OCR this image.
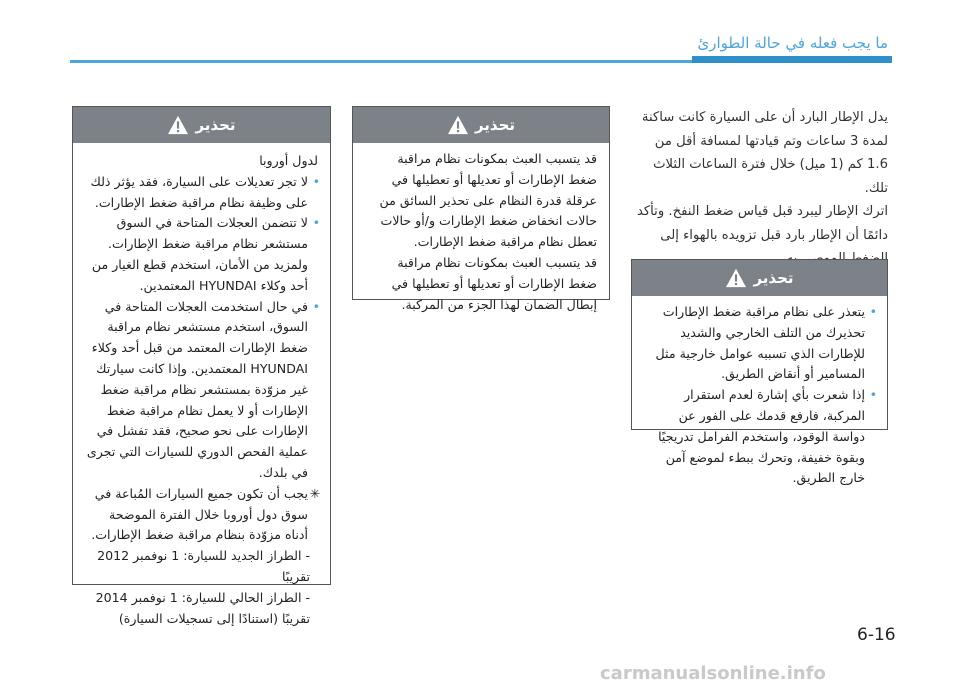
ما يجب فعله في حالة الطوارئ

يدل الإطار البارد أن على السيارة كانت ساكنة لمدة 3 ساعات وتم قيادتها لمسافة أقل من 1.6 كم (1 ميل) خلال فترة الساعات الثلاث تلك.

اترك الإطار ليبرد قبل قياس ضغط النفخ. وتأكد دائمًا أن الإطار بارد قبل تزويده بالهواء إلى

تحذير
•
يتعذر على نظام مراقبة ضغط الإطارات تحذيرك من التلف الخارجي والشديد للإطارات الذي تسببه عوامل خارجية مثل المسامير أو أنقاض الطريق.
•
إذا شعرت بأي إشارة لعدم استقرار المركبة، فارفع قدمك على الفور عن دواسة الوقود، واستخدم الفرامل تدريجيًا وبقوة خفيفة، وتحرك ببطء لموضع آمن خارج الطريق.
تحذير

قد يتسبب العبث بمكونات نظام مراقبة ضغط الإطارات أو تعديلها أو تعطيلها في عرقلة قدرة النظام على تحذير السائق من حالات انخفاض ضغط الإطارات و/أو حالات تعطل نظام مراقبة ضغط الإطارات.

قد يتسبب العبث بمكونات نظام مراقبة ضغط الإطارات أو تعديلها أو تعطيلها في إبطال الضمان لهذا الجزء من المركبة.

تحذير

لدول أوروبا

•
لا تجر تعديلات على السيارة، فقد يؤثر ذلك على وظيفة نظام مراقبة ضغط الإطارات.
•
لا تتضمن العجلات المتاحة في السوق مستشعر نظام مراقبة ضغط الإطارات. ولمزيد من الأمان، استخدم قطع الغيار من أحد وكلاء HYUNDAI المعتمدين.
•
في حال استخدمت العجلات المتاحة في السوق، استخدم مستشعر نظام مراقبة ضغط الإطارات المعتمد من قبل أحد وكلاء HYUNDAI المعتمدين. وإذا كانت سيارتك غير مزوّدة بمستشعر نظام مراقبة ضغط الإطارات أو لا يعمل نظام مراقبة ضغط الإطارات على نحو صحيح، فقد تفشل في عملية الفحص الدوري للسيارات التي تجرى في بلدك.

✳
يجب أن تكون جميع السيارات المُباعة في سوق دول أوروبا خلال الفترة الموضحة أدناه مزوّدة بنظام مراقبة ضغط الإطارات.

- الطراز الجديد للسيارة: 1 نوفمبر 2012 تقريبًا

- الطراز الحالي للسيارة: 1 نوفمبر 2014 تقريبًا (استنادًا إلى تسجيلات السيارة)

6-16
carmanualsonline.info
